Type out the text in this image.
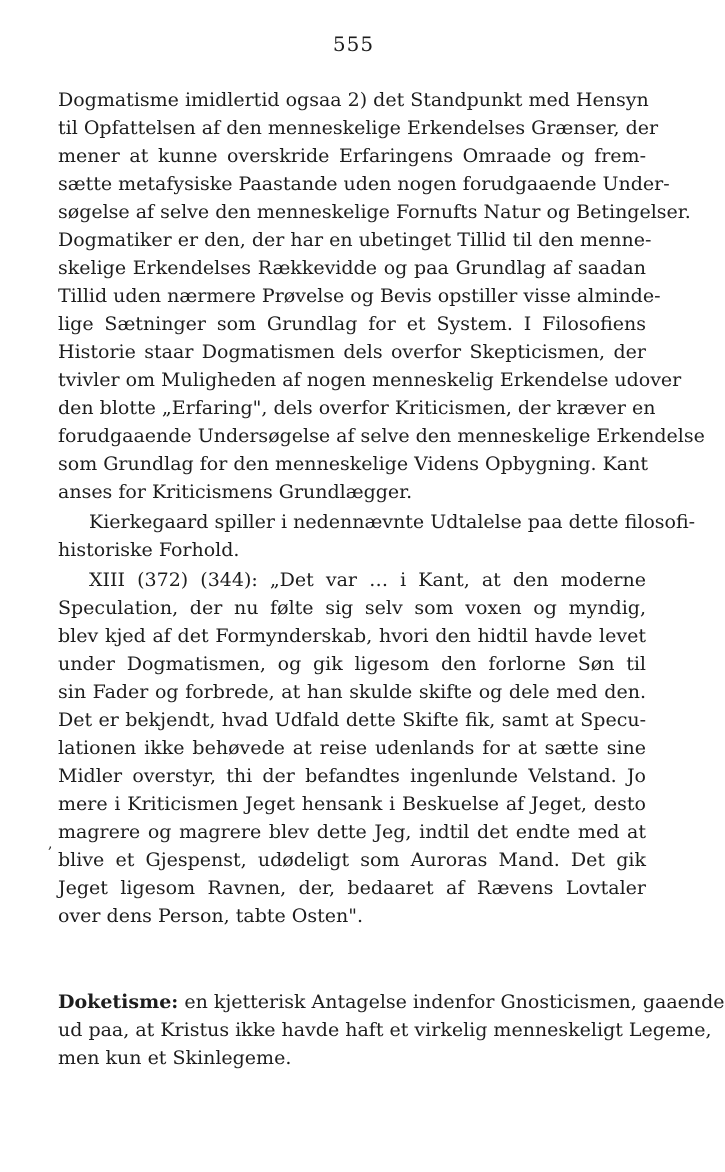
555
Dogmatisme imidlertid ogsaa 2) det Standpunkt med Hensyn
til Opfattelsen af den menneskelige Erkendelses Grænser, der
mener at kunne overskride Erfaringens Omraade og frem-
sætte metafysiske Paastande uden nogen forudgaaende Under-
søgelse af selve den menneskelige Fornufts Natur og Betingelser.
Dogmatiker er den, der har en ubetinget Tillid til den menne-
skelige Erkendelses Rækkevidde og paa Grundlag af saadan
Tillid uden nærmere Prøvelse og Bevis opstiller visse almindе-
lige Sætninger som Grundlag for et System. I Filosofiens
Historie staar Dogmatismen dels overfor Skepticismen, der
tvivler om Muligheden af nogen menneskelig Erkendelse udover
den blotte „Erfaring", dels overfor Kriticismen, der kræver en
forudgaaende Undersøgelse af selve den menneskelige Erkendelse
som Grundlag for den menneskelige Videns Opbygning. Kant
anses for Kriticismens Grundlægger.
Kierkegaard spiller i nedennævnte Udtalelse paa dette filosofi-
historiske Forhold.
XIII (372) (344): „Det var … i Kant, at den moderne
Speculation, der nu følte sig selv som voxen og myndig,
blev kjed af det Formynderskab, hvori den hidtil havde levet
under Dogmatismen, og gik ligesom den forlorne Søn til
sin Fader og forbrede, at han skulde skifte og dele med den.
Det er bekjendt, hvad Udfald dette Skifte fik, samt at Specu-
lationen ikke behøvede at reise udenlands for at sætte sine
Midler overstyr, thi der befandtes ingenlunde Velstand. Jo
mere i Kriticismen Jeget hensank i Beskuelse af Jeget, desto
magrere og magrere blev dette Jeg, indtil det endte med at
blive et Gjespenst, udødeligt som Auroras Mand. Det gik
Jeget ligesom Ravnen, der, bedaaret af Rævens Lovtaler
over dens Person, tabte Osten".
,
Doketisme: en kjetterisk Antagelse indenfor Gnosticismen, gaaende
ud paa, at Kristus ikke havde haft et virkelig menneskeligt Legeme,
men kun et Skinlegeme.
